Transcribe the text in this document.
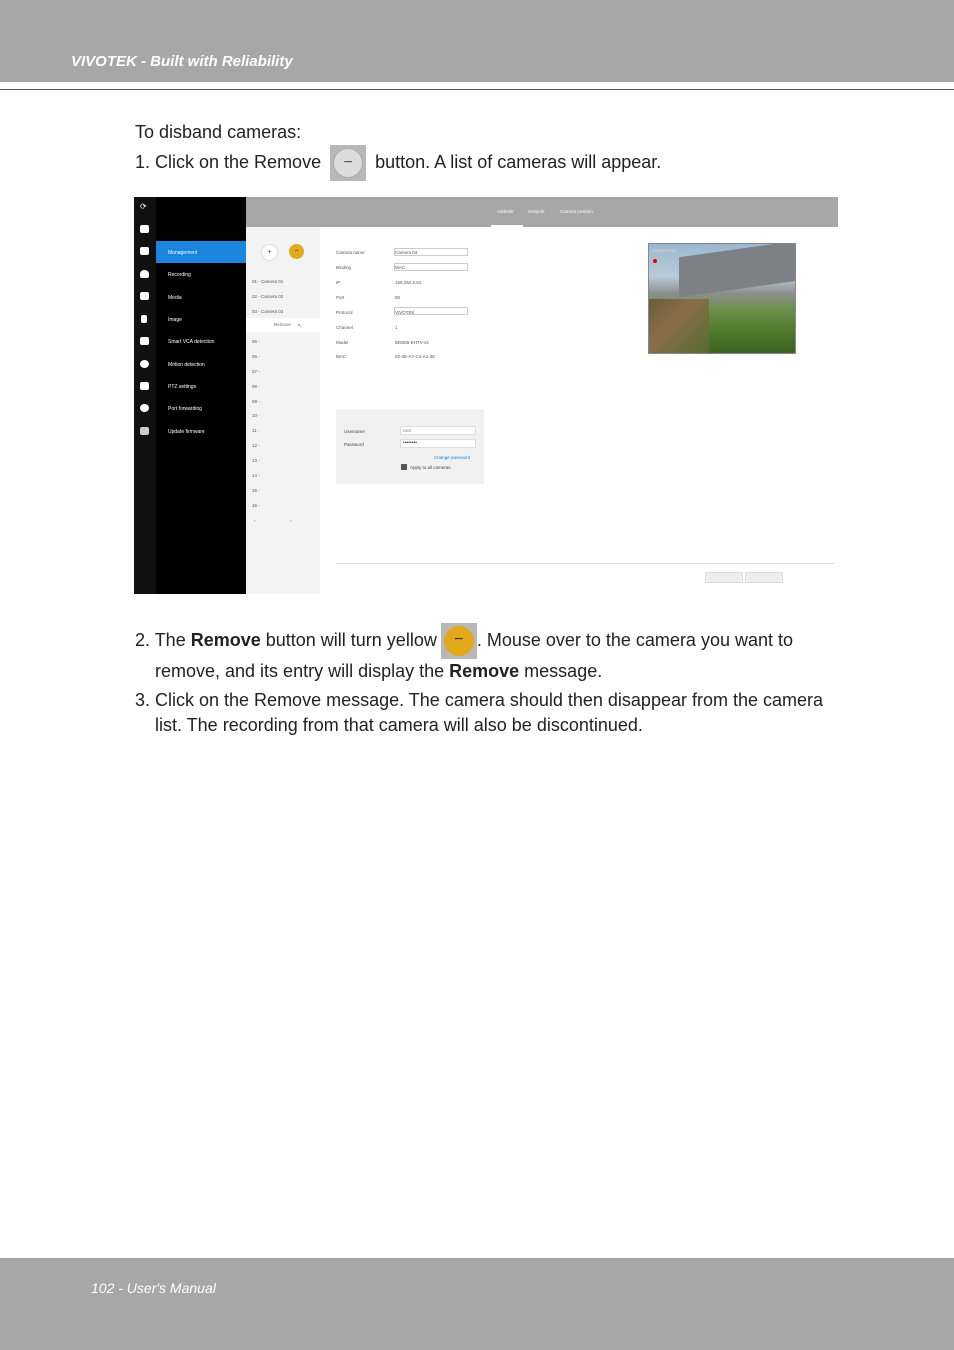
VIVOTEK - Built with Reliability
To disband cameras:
1. Click on the Remove	−	button. A list of cameras will appear.
⟳
Management
Recording
Media
Image
Smart VCA detection
Motion detection
PTZ settings
Port forwarding
Update firmware
Add/edit	Network	Camera position
+	−
01 - Camera 01
02 - Camera 02
03 - Camera 03
Remove ↖
05 -
06 -
07 -
08 -
09 -
10 -
11 -
12 -
13 -
14 -
15 -
16 -
‹	›
Camera name	Camera 04
Binding	MAC
IP	169.254.8.51
Port	80
Protocol	VIVOTEK
Channel	1
Model	IB9365-EHTV-v2
MAC	02-2E-A7-C4-A1-2E
Username	root
Password	••••••••
Change password
Apply to all cameras
Camera 04
2. The Remove button will turn yellow	− . Mouse over to the camera you want to
remove, and its entry will display the Remove message.
3. Click on the Remove message. The camera should then disappear from the camera
list. The recording from that camera will also be discontinued.
102 - User's Manual
